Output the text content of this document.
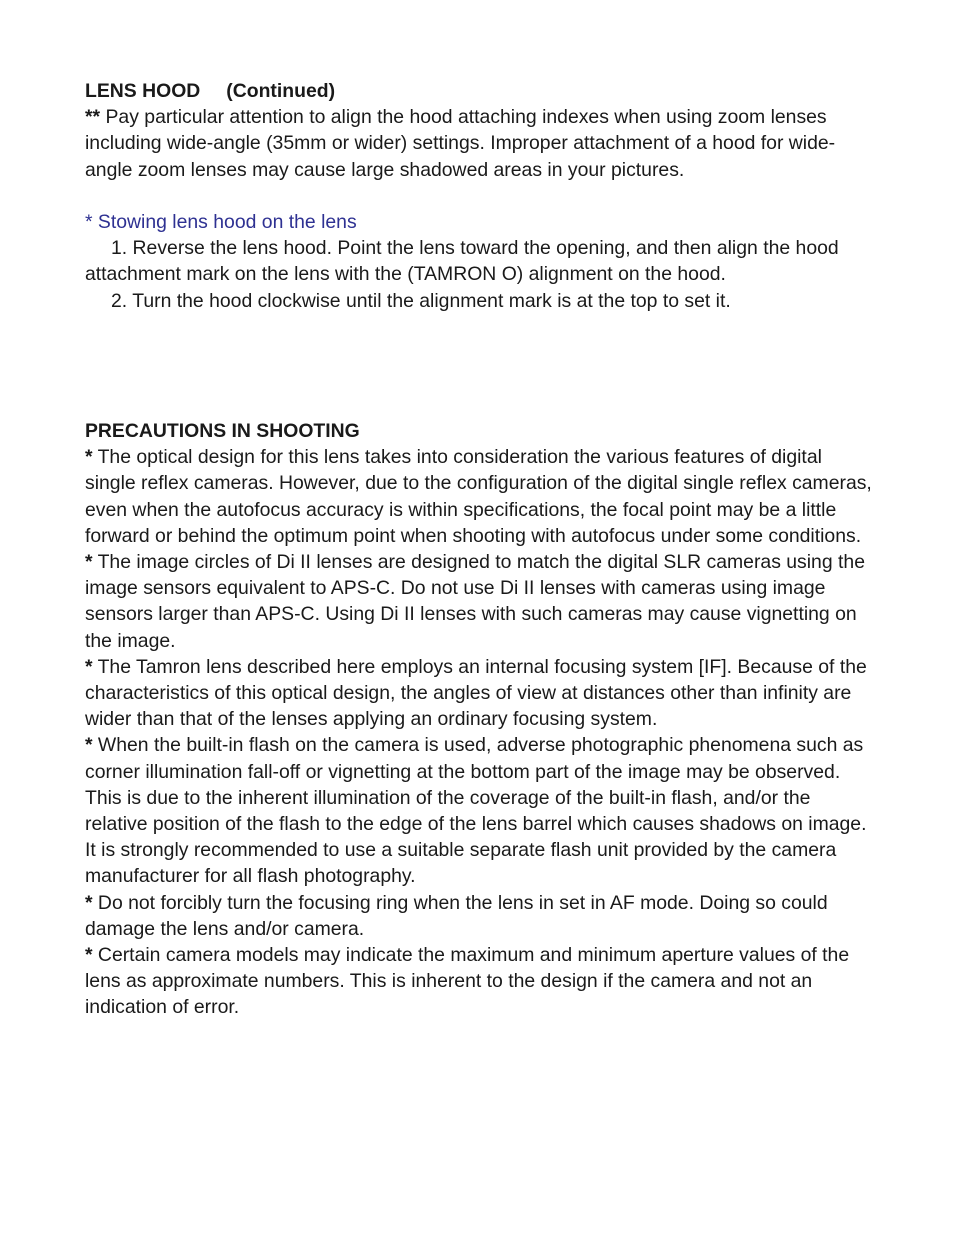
LENS HOOD (Continued)
** Pay particular attention to align the hood attaching indexes when using zoom lenses including wide-angle (35mm or wider) settings. Improper attachment of a hood for wide-angle zoom lenses may cause large shadowed areas in your pictures.
* Stowing lens hood on the lens
1. Reverse the lens hood. Point the lens toward the opening, and then align the hood attachment mark on the lens with the (TAMRON O) alignment on the hood.
2. Turn the hood clockwise until the alignment mark is at the top to set it.
PRECAUTIONS IN SHOOTING
* The optical design for this lens takes into consideration the various features of digital single reflex cameras. However, due to the configuration of the digital single reflex cameras, even when the autofocus accuracy is within specifications, the focal point may be a little forward or behind the optimum point when shooting with autofocus under some conditions.
* The image circles of Di II lenses are designed to match the digital SLR cameras using the image sensors equivalent to APS-C. Do not use Di II lenses with cameras using image sensors larger than APS-C. Using Di II lenses with such cameras may cause vignetting on the image.
* The Tamron lens described here employs an internal focusing system [IF]. Because of the characteristics of this optical design, the angles of view at distances other than infinity are wider than that of the lenses applying an ordinary focusing system.
* When the built-in flash on the camera is used, adverse photographic phenomena such as corner illumination fall-off or vignetting at the bottom part of the image may be observed. This is due to the inherent illumination of the coverage of the built-in flash, and/or the relative position of the flash to the edge of the lens barrel which causes shadows on image. It is strongly recommended to use a suitable separate flash unit provided by the camera manufacturer for all flash photography.
* Do not forcibly turn the focusing ring when the lens in set in AF mode. Doing so could damage the lens and/or camera.
* Certain camera models may indicate the maximum and minimum aperture values of the lens as approximate numbers. This is inherent to the design if the camera and not an indication of error.
